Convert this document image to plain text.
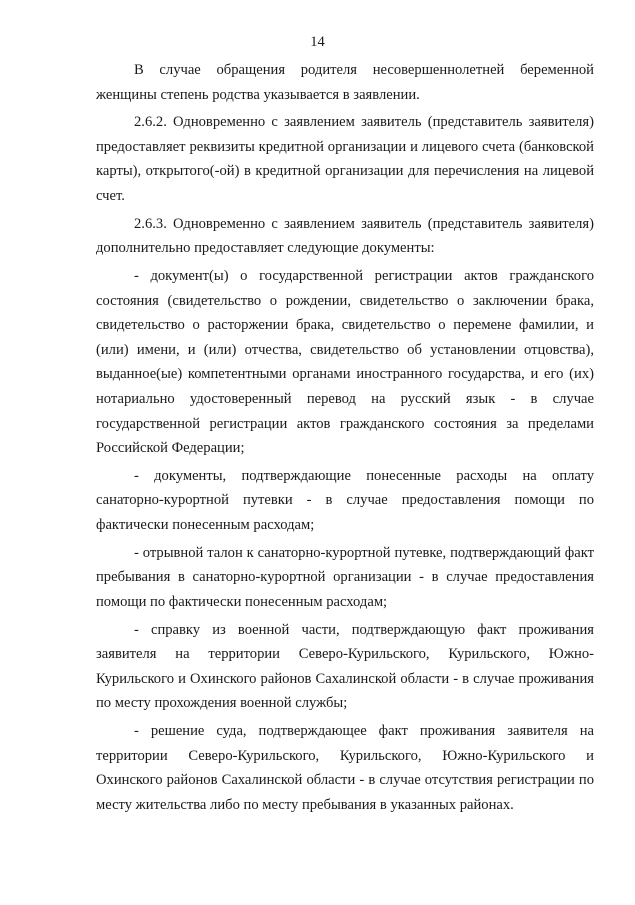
14

В случае обращения родителя несовершеннолетней беременной женщины степень родства указывается в заявлении.

2.6.2. Одновременно с заявлением заявитель (представитель заявителя) предоставляет реквизиты кредитной организации и лицевого счета (банковской карты), открытого(-ой) в кредитной организации для перечисления на лицевой счет.

2.6.3. Одновременно с заявлением заявитель (представитель заявителя) дополнительно предоставляет следующие документы:

- документ(ы) о государственной регистрации актов гражданского состояния (свидетельство о рождении, свидетельство о заключении брака, свидетельство о расторжении брака, свидетельство о перемене фамилии, и (или) имени, и (или) отчества, свидетельство об установлении отцовства), выданное(ые) компетентными органами иностранного государства, и его (их) нотариально удостоверенный перевод на русский язык - в случае государственной регистрации актов гражданского состояния за пределами Российской Федерации;

- документы, подтверждающие понесенные расходы на оплату санаторно-курортной путевки - в случае предоставления помощи по фактически понесенным расходам;

- отрывной талон к санаторно-курортной путевке, подтверждающий факт пребывания в санаторно-курортной организации - в случае предоставления помощи по фактически понесенным расходам;

- справку из военной части, подтверждающую факт проживания заявителя на территории Северо-Курильского, Курильского, Южно-Курильского и Охинского районов Сахалинской области - в случае проживания по месту прохождения военной службы;

- решение суда, подтверждающее факт проживания заявителя на территории Северо-Курильского, Курильского, Южно-Курильского и Охинского районов Сахалинской области - в случае отсутствия регистрации по месту жительства либо по месту пребывания в указанных районах.
